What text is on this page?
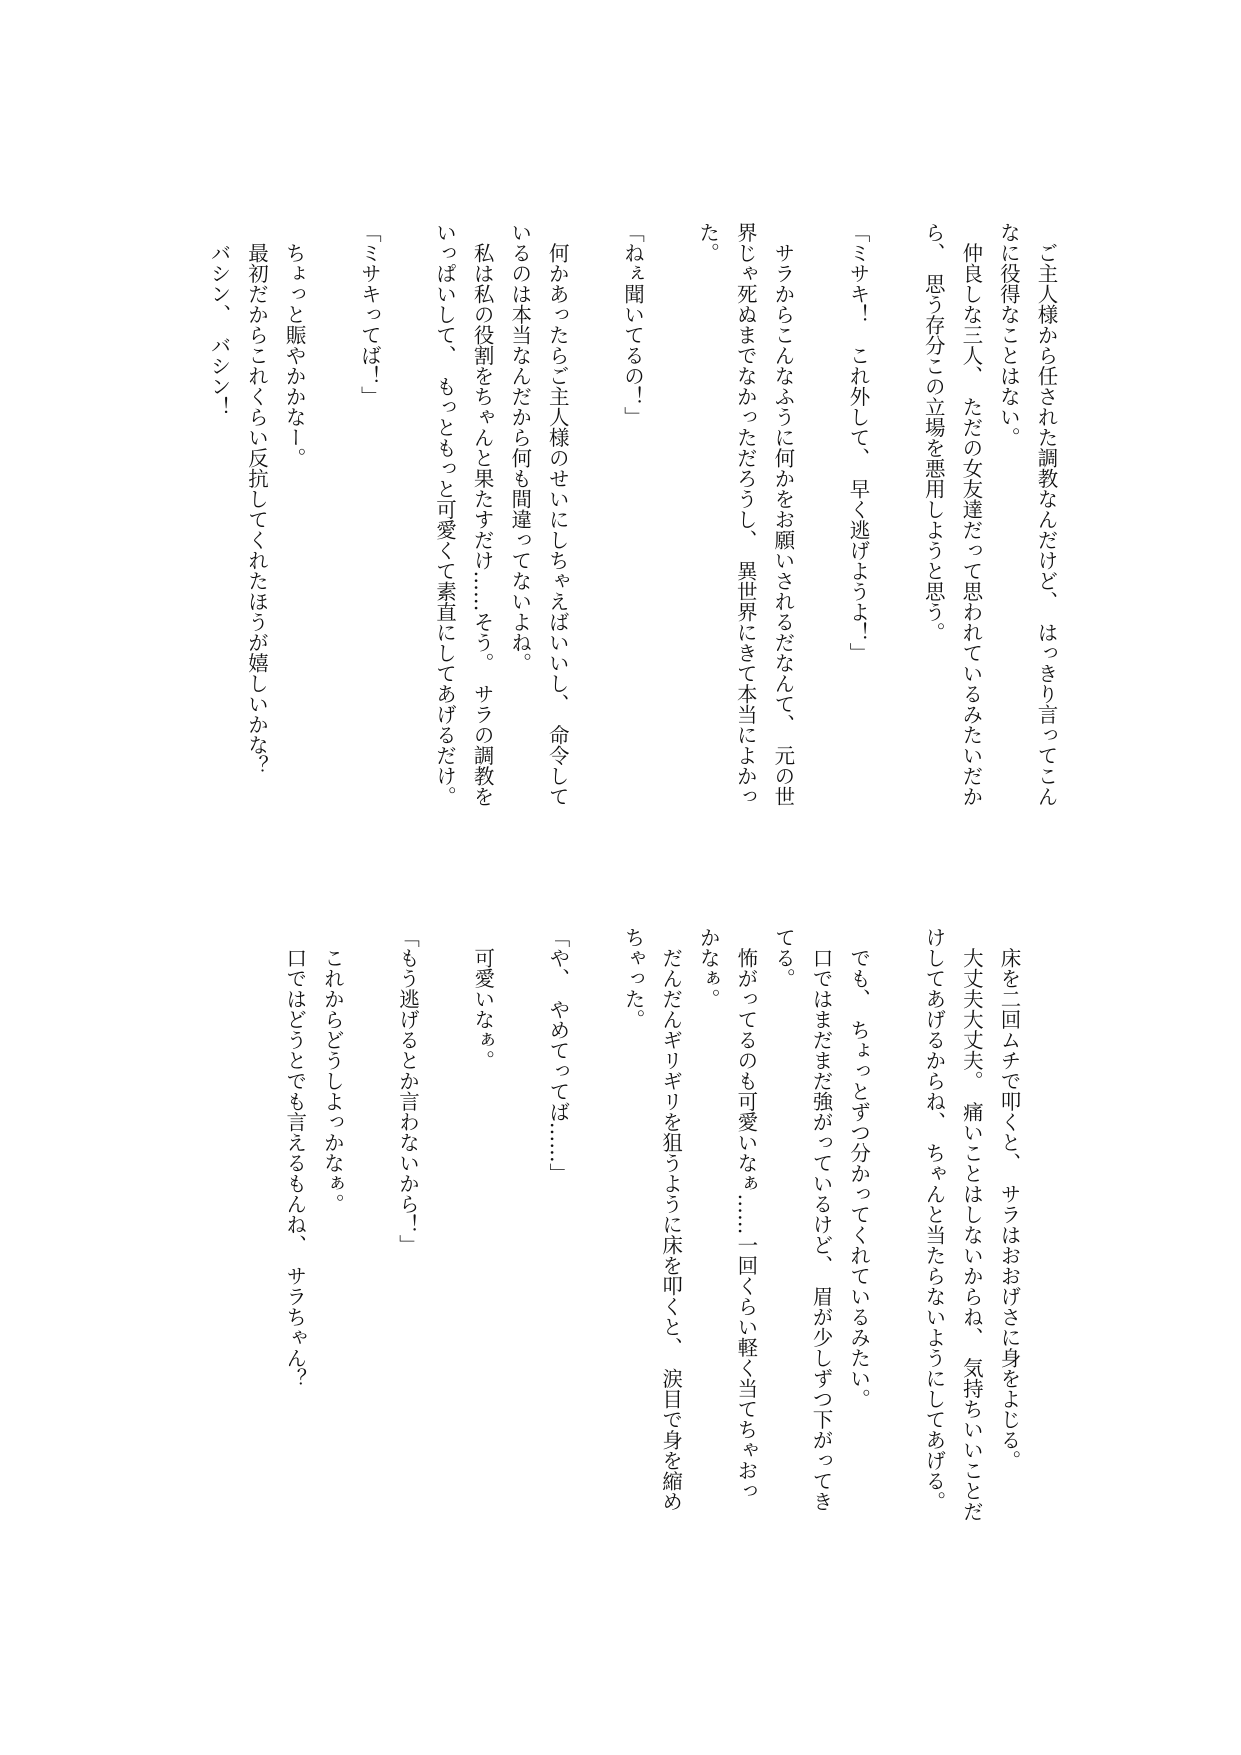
　ご主人様から任された調教なんだけど、　はっきり言ってこん
なに役得なことはない。
　仲良しな三人、　ただの女友達だって思われているみたいだか
ら、　思う存分この立場を悪用しようと思う。
「ミサキ！　これ外して、　早く逃げようよ！」
　サラからこんなふうに何かをお願いされるだなんて、　元の世
界じゃ死ぬまでなかっただろうし、　異世界にきて本当によかっ
た。
「ねぇ聞いてるの！」
　何かあったらご主人様のせいにしちゃえばいいし、　命令して
いるのは本当なんだから何も間違ってないよね。
　私は私の役割をちゃんと果たすだけ……そう。　サラの調教を
いっぱいして、　もっともっと可愛くて素直にしてあげるだけ。
「ミサキってば！」
　ちょっと賑やかかなー。
　最初だからこれくらい反抗してくれたほうが嬉しいかな？
　バシン、　バシン！
　床を二回ムチで叩くと、　サラはおおげさに身をよじる。
　大丈夫大丈夫。　痛いことはしないからね、　気持ちいいことだ
けしてあげるからね、　ちゃんと当たらないようにしてあげる。
　でも、　ちょっとずつ分かってくれているみたい。
　口ではまだまだ強がっているけど、　眉が少しずつ下がってき
てる。
　怖がってるのも可愛いなぁ……一回くらい軽く当てちゃおっ
かなぁ。
　だんだんギリギリを狙うように床を叩くと、　涙目で身を縮め
ちゃった。
「や、　やめてってば……」
　可愛いなぁ。
「もう逃げるとか言わないから！」
　これからどうしよっかなぁ。
　口ではどうとでも言えるもんね、　サラちゃん？
